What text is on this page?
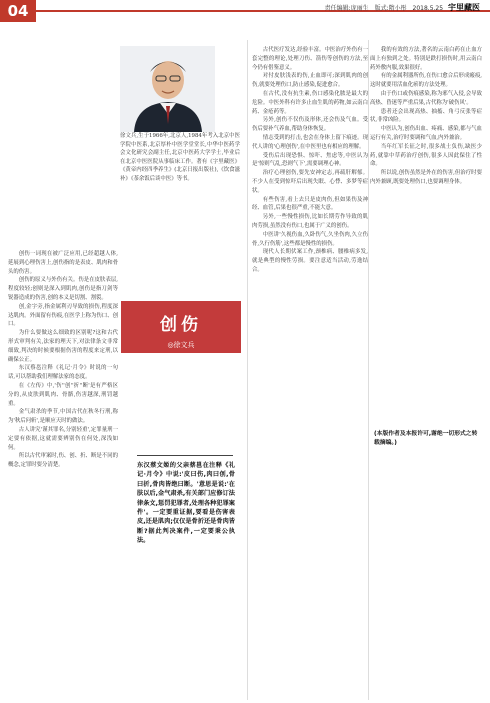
04	责任编辑:庞丽生 版式:隋小彤 2018.5.25 宇里藏医
徐文兵,生于1966年,北京人,1984年考入北京中医学院中医系,北京厚朴中医学堂堂长,中华中医药学会文化研究会副主任,北京中医药大学学士,毕业后在北京中医医院从事临床工作。著有《字里藏医》《黄帝内经四季养生》(北京日报出版社),《饮食滋补》《茶余饭后谈中医》等书。

创伤一词现在被广泛应用,已经超越人体,延展到心理伤害上,创伤指的是表皮、肌肉和骨头的伤害。

创伤的原义与外伤有关。伤是在皮肤表层,程度较轻;创则是深入到肌肉,创伤是指刀剑等锐器造成的伤害,创的本义是切割、割裂。

创,金字旁,指金属利刃导致的损伤,程度深达肌肉。外面留有伤痕,在医学上称为伤口、创口。

为什么要做这么细致的区别呢?这和古代形式审判有关,法家的理天下,对法律条文非常细致,判决的时候要根据伤害的程度来定刑,以确保公正。

东汉蔡邕注释《礼记·月令》时说的一句话,可以帮助我们理解法家的态度。

在《左传》中,'伤''创''折''断'是有严格区分的,从皮肤到肌肉、骨骼,伤害越深,刑罚越重。

金气肃杀的季节,中国古代在秋冬行刑,称为'秋后问斩',是顺应天时的做法。

古人讲究'谨其罪名,分别轻重',定罪量刑一定要有依据,这就需要辨别伤在何处,深浅如何。

所以古代审案时,伤、创、折、断是不同的概念,定罪时要分清楚。

创伤
◎徐文兵
东汉蔡文姬的父亲蔡邕在注释《礼记·月令》中说:'皮曰伤,肉曰创,骨曰折,骨肉皆绝曰断。'意思是说:'在肤以后,金气肃杀,有关部门应修订法律条文,惩罚犯罪者,处理各种犯罪案件'。一定要重证据,要看是伤害表皮,还是肌肉;仅仅是骨折还是骨肉皆断?据此判决案件,一定要秉公执法。

古代医疗发达,经验丰富。中医治疗外伤有一套完整的理论,处理刀伤、箭伤等创伤的方法,至今仍有借鉴意义。

对付皮肤浅表的伤,止血即可;深到肌肉的创伤,就要处理伤口,防止感染,促进愈合。

在古代,没有抗生素,伤口感染化脓是最大的危险。中医外科有许多止血生肌的药物,如云南白药、金疮药等。

另外,创伤不仅伤及形体,还会伤及气血。受伤后要补气养血,帮助身体恢复。

情志受到的打击,也会在身体上留下痕迹。现代人讲的'心理创伤',在中医里也有相应的理解。

受伤后出现恐惧、惊吓、焦虑等,中医认为是'惊则气乱,恐则气下',需要调理心神。

治疗心理创伤,要先安神定志,再疏肝解郁。不少人在受到惊吓后出现失眠、心悸、多梦等症状。

有些伤害,看上去只是皮肉伤,但如果伤及神经、血管,后果也很严重,不能大意。

另外,一些慢性损伤,比如长期劳作导致的肌肉劳损,虽然没有伤口,也属于广义的创伤。

中医讲'久视伤血,久卧伤气,久坐伤肉,久立伤骨,久行伤筋',这些都是慢性的损伤。

现代人长期伏案工作,颈椎病、腰椎病多发,就是典型的慢性劳损。要注意适当活动,劳逸结合。

我的有效的方法,著名的云南白药在止血方面上有独到之处。特别是跌打损伤时,用云南白药外敷内服,效果很好。

有的金属利器所伤,在伤口愈合后形成瘢痕,这时就要用活血化瘀的方法处理。

由于伤口或伤痕感染,称为邪气入侵,会导致高热、昏迷等严重后果,古代称为'破伤风'。

患者还会出现高热、抽搐、角弓反张等症状,非常凶险。

中医认为,创伤出血、疼痛、感染,都与气血运行有关,治疗时要调和气血,内外兼治。

当年红军长征之时,很多战士负伤,缺医少药,就靠中草药治疗创伤,很多人因此保住了性命。

所以说,创伤虽然是外在的伤害,但治疗时要内外兼顾,既要处理伤口,也要调理身体。

(本版作者及本报许可,谢绝一切形式之转载摘编。)
